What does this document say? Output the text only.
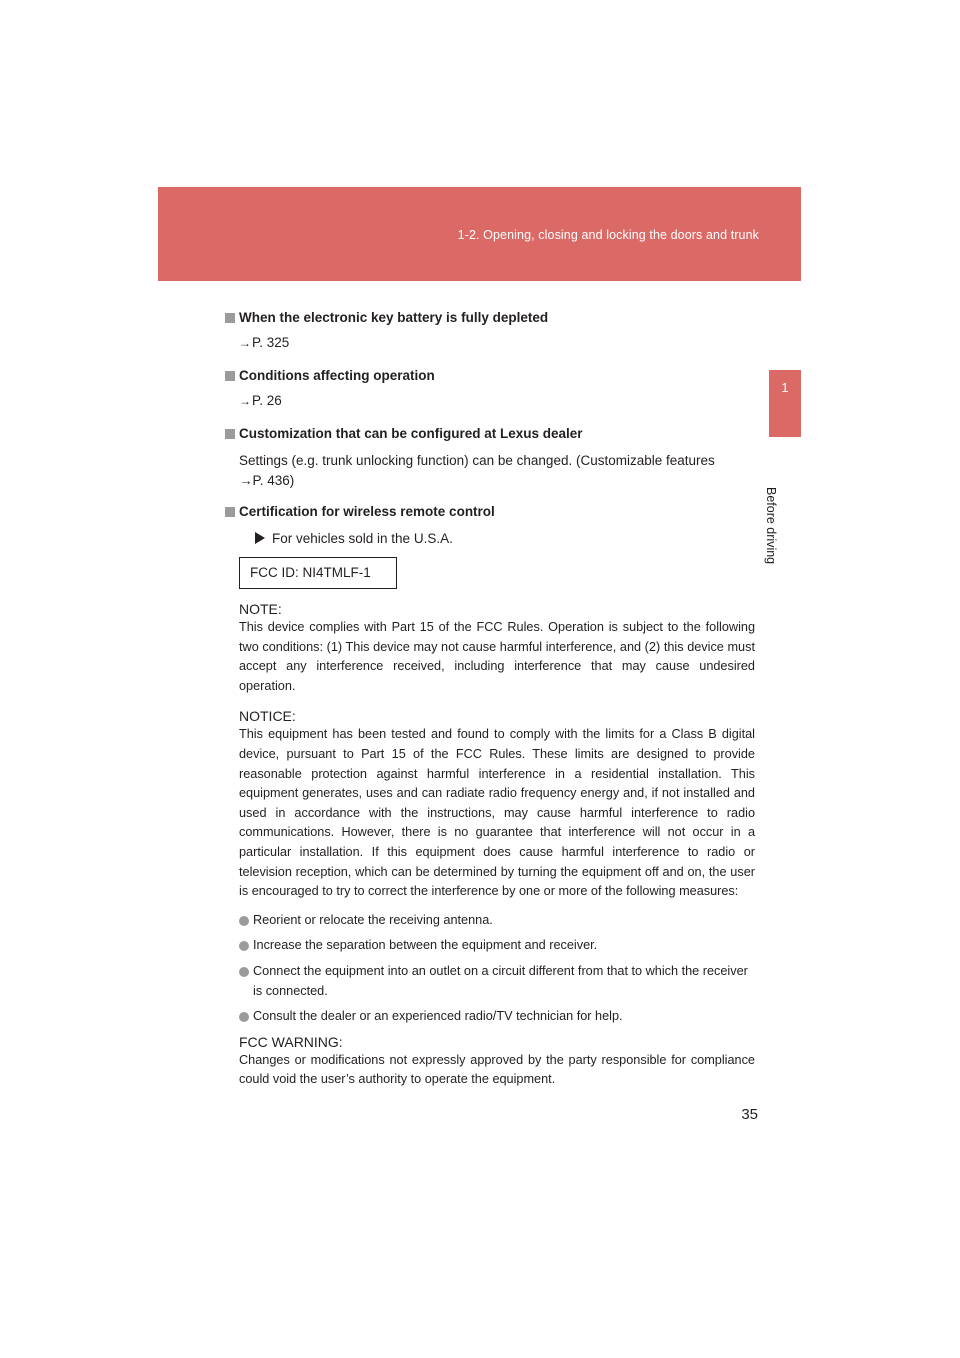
1-2. Opening, closing and locking the doors and trunk
1
Before driving

When the electronic key battery is fully depleted

→P. 325

Conditions affecting operation

→P. 26

Customization that can be configured at Lexus dealer

Settings (e.g. trunk unlocking function) can be changed. (Customizable features
→P. 436)

Certification for wireless remote control

For vehicles sold in the U.S.A.

FCC ID: NI4TMLF-1

NOTE:

This device complies with Part 15 of the FCC Rules. Operation is subject to the following two conditions: (1) This device may not cause harmful interference, and (2) this device must accept any interference received, including interference that may cause undesired operation.

NOTICE:

This equipment has been tested and found to comply with the limits for a Class B digital device, pursuant to Part 15 of the FCC Rules. These limits are designed to provide reasonable protection against harmful interference in a residential installation. This equipment generates, uses and can radiate radio frequency energy and, if not installed and used in accordance with the instructions, may cause harmful interference to radio communications. However, there is no guarantee that interference will not occur in a particular installation. If this equipment does cause harmful interference to radio or television reception, which can be determined by turning the equipment off and on, the user is encouraged to try to correct the interference by one or more of the following measures:

Reorient or relocate the receiving antenna.
Increase the separation between the equipment and receiver.
Connect the equipment into an outlet on a circuit different from that to which the receiver is connected.
Consult the dealer or an experienced radio/TV technician for help.

FCC WARNING:

Changes or modifications not expressly approved by the party responsible for compliance could void the user’s authority to operate the equipment.

35
